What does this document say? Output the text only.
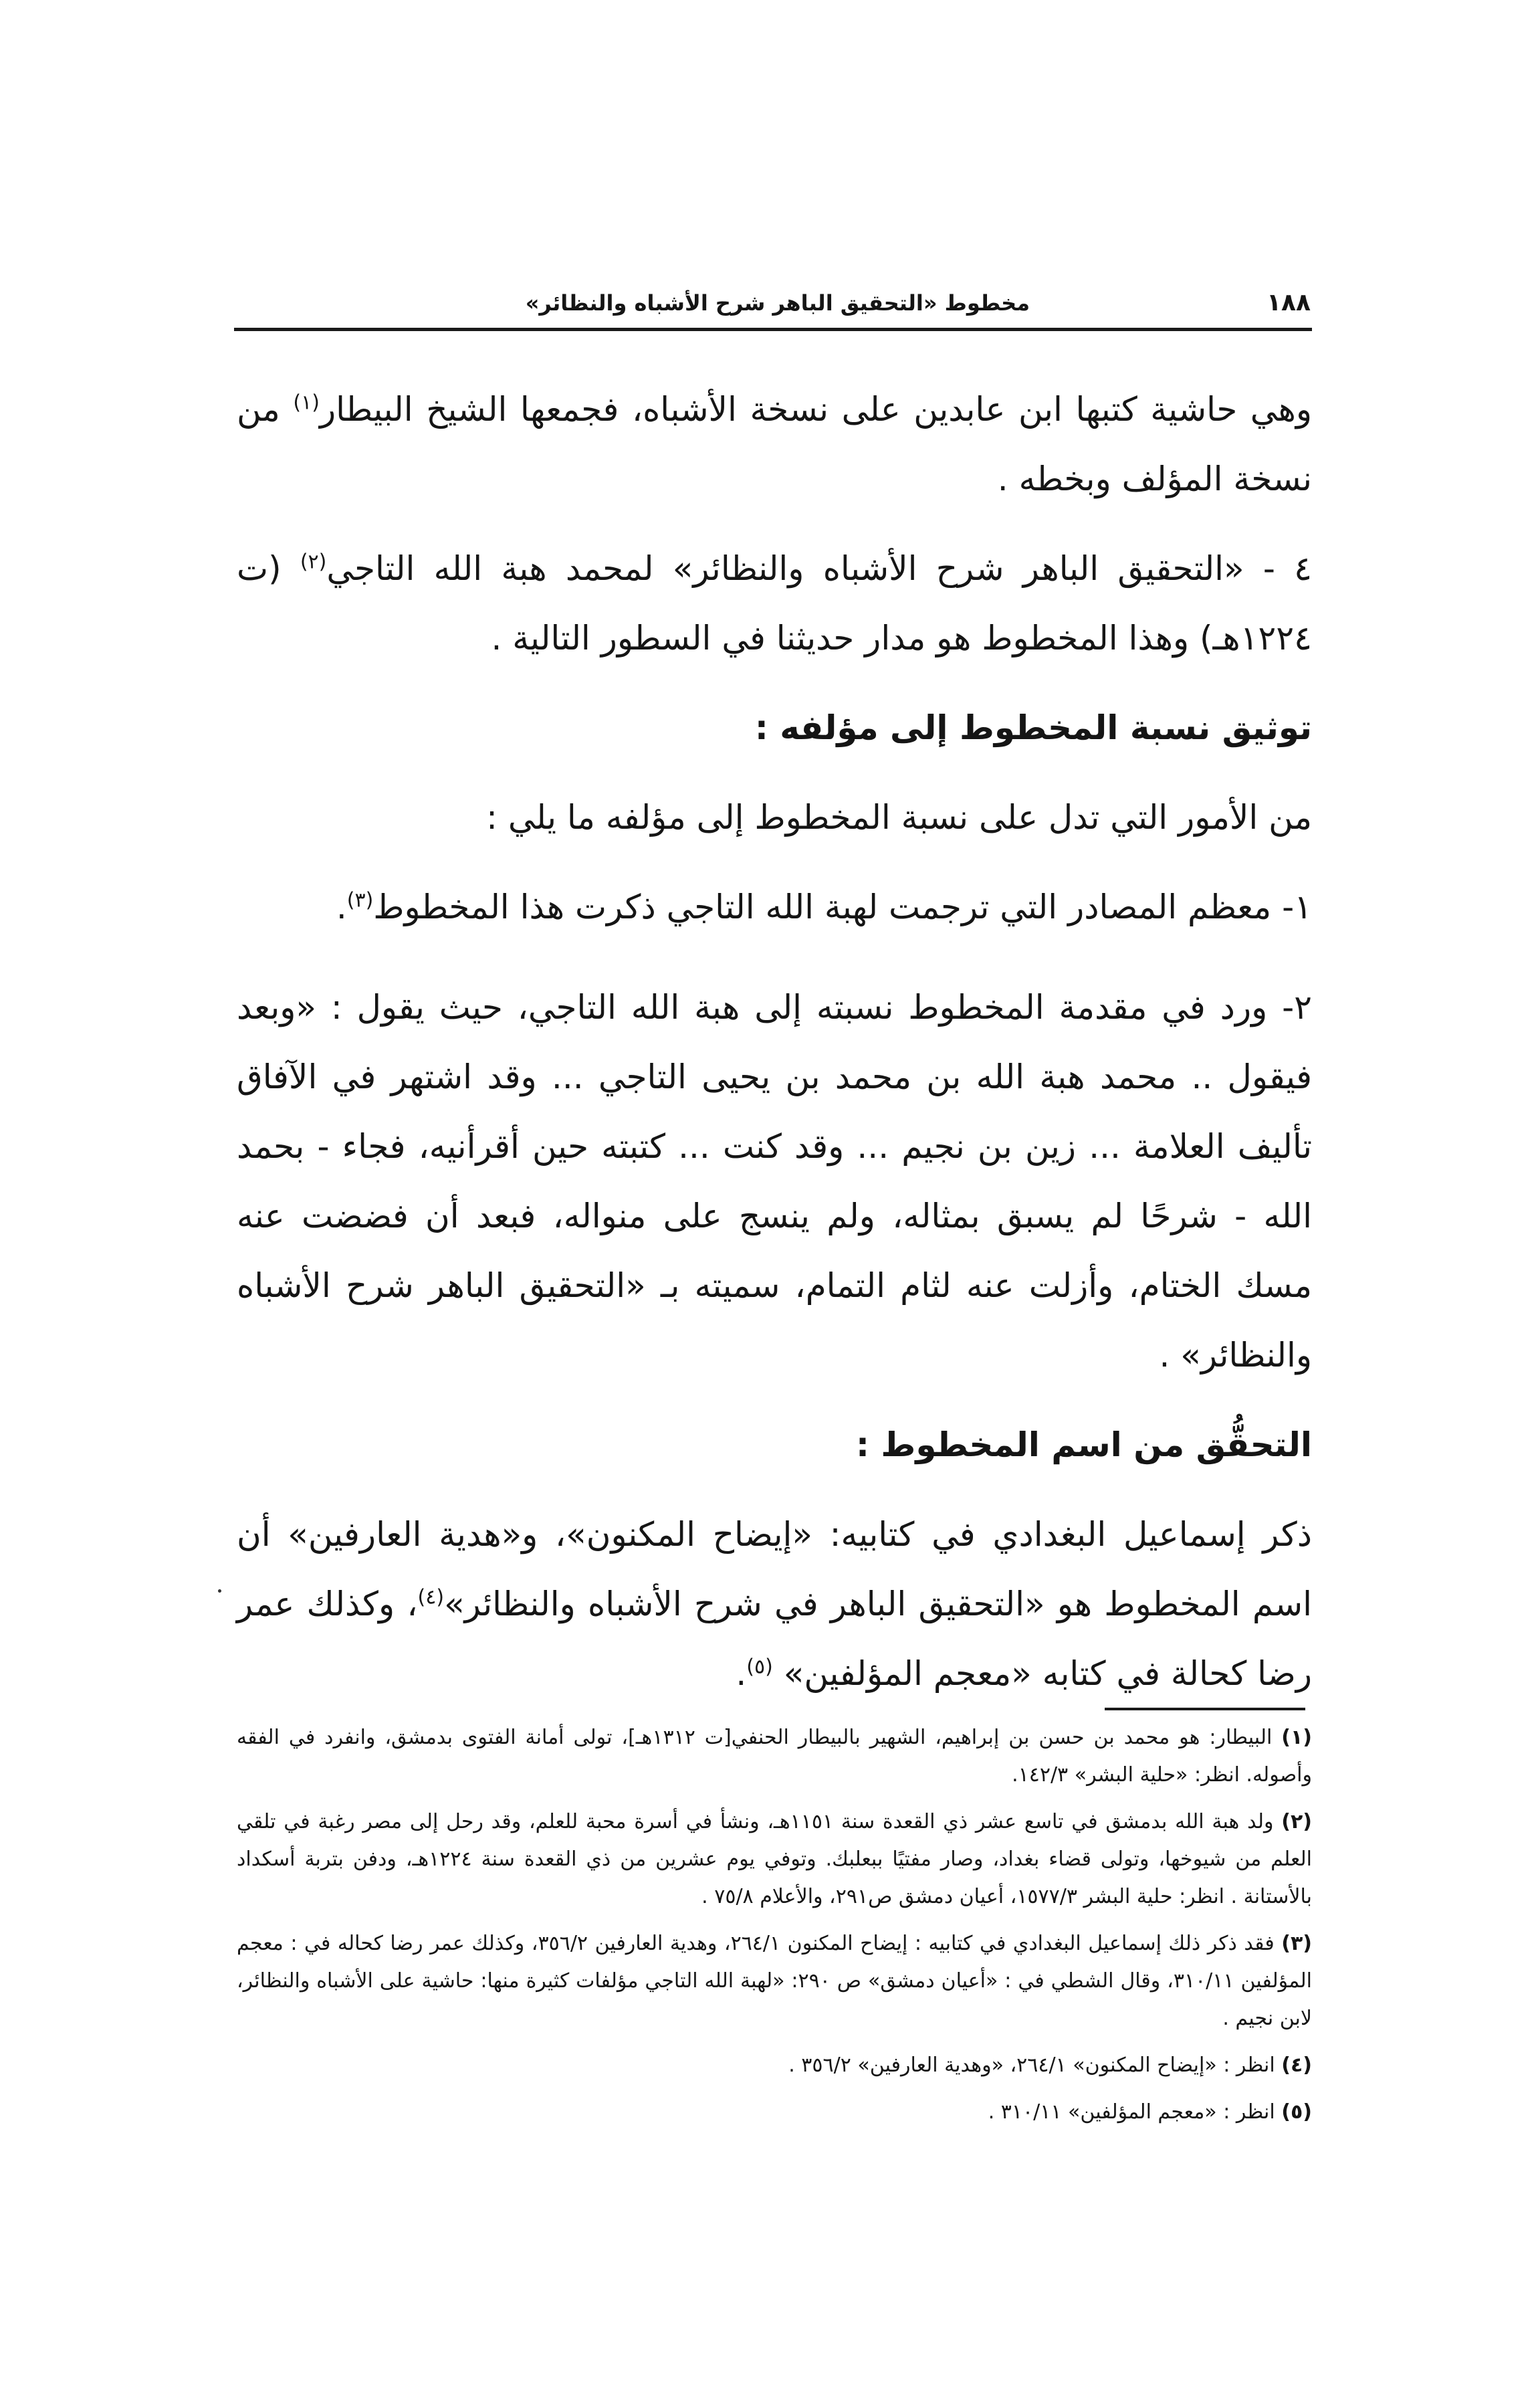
١٨٨
مخطوط «التحقيق الباهر شرح الأشباه والنظائر»

وهي حاشية كتبها ابن عابدين على نسخة الأشباه، فجمعها الشيخ البيطار$^{(١)}$ من نسخة المؤلف وبخطه .

٤ - «التحقيق الباهر شرح الأشباه والنظائر» لمحمد هبة الله التاجي$^{(٢)}$ (ت ١٢٢٤هـ) وهذا المخطوط هو مدار حديثنا في السطور التالية .

توثيق نسبة المخطوط إلى مؤلفه :

من الأمور التي تدل على نسبة المخطوط إلى مؤلفه ما يلي :

١- معظم المصادر التي ترجمت لهبة الله التاجي ذكرت هذا المخطوط$^{(٣)}$.

٢- ورد في مقدمة المخطوط نسبته إلى هبة الله التاجي، حيث يقول : «وبعد فيقول .. محمد هبة الله بن محمد بن يحيى التاجي ... وقد اشتهر في الآفاق تأليف العلامة ... زين بن نجيم ... وقد كنت ... كتبته حين أقرأنيه، فجاء - بحمد الله - شرحًا لم يسبق بمثاله، ولم ينسج على منواله، فبعد أن فضضت عنه مسك الختام، وأزلت عنه لثام التمام، سميته بـ «التحقيق الباهر شرح الأشباه والنظائر» .

التحقُّق من اسم المخطوط :

ذكر إسماعيل البغدادي في كتابيه: «إيضاح المكنون»، و«هدية العارفين» أن اسم المخطوط هو «التحقيق الباهر في شرح الأشباه والنظائر»$^{(٤)}$، وكذلك عمر رضا كحالة في كتابه «معجم المؤلفين» $^{(٥)}$.

(١) البيطار: هو محمد بن حسن بن إبراهيم، الشهير بالبيطار الحنفي[ت ١٣١٢هـ]، تولى أمانة الفتوى بدمشق، وانفرد في الفقه وأصوله. انظر: «حلية البشر» ١٤٢/٣.

(٢) ولد هبة الله بدمشق في تاسع عشر ذي القعدة سنة ١١٥١هـ، ونشأ في أسرة محبة للعلم، وقد رحل إلى مصر رغبة في تلقي العلم من شيوخها، وتولى قضاء بغداد، وصار مفتيًا ببعلبك. وتوفي يوم عشرين من ذي القعدة سنة ١٢٢٤هـ، ودفن بتربة أسكداد بالأستانة . انظر: حلية البشر ١٥٧٧/٣، أعيان دمشق ص٢٩١، والأعلام ٧٥/٨ .

(٣) فقد ذكر ذلك إسماعيل البغدادي في كتابيه : إيضاح المكنون ٢٦٤/١، وهدية العارفين ٣٥٦/٢، وكذلك عمر رضا كحاله في : معجم المؤلفين ٣١٠/١١، وقال الشطي في : «أعيان دمشق» ص ٢٩٠: «لهبة الله التاجي مؤلفات كثيرة منها: حاشية على الأشباه والنظائر، لابن نجيم .

(٤) انظر : «إيضاح المكنون» ٢٦٤/١، «وهدية العارفين» ٣٥٦/٢ .

(٥) انظر : «معجم المؤلفين» ٣١٠/١١ .
